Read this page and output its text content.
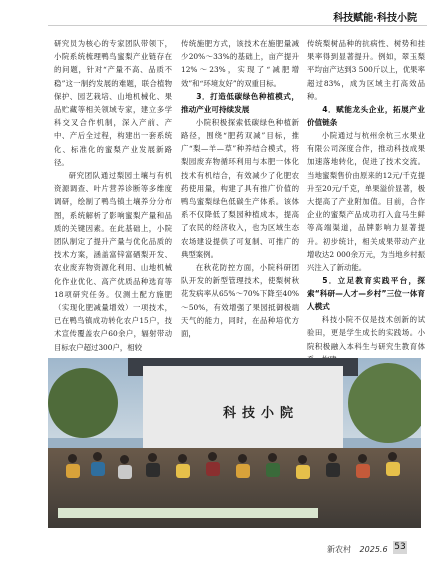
科技赋能·科技小院

研究员为核心的专家团队带领下，小院系统梳理鸭鸟蜜梨产业链存在的问题，针对“产量不高、品质不稳”这一制约发展的难题，联合植物保护、园艺栽培、山地机械化、果品贮藏等相关领域专家，建立多学科交叉合作机制，深入产前、产中、产后全过程，构建出一套系统化、标准化的蜜梨产业发展新路径。

研究团队通过梨园土壤与有机资源调查、叶片营养诊断等多维度调研，绘制了鸭鸟镇土壤养分分布图，系统解析了影响蜜梨产量和品质的关键因素。在此基础上，小院团队制定了提升产量与优化品质的技术方案，涵盖富锌富硒梨开发、农业废弃物资源化利用、山地机械化作业优化、高产优质品种选育等18项研究任务。仅测土配方施肥（实现化肥减量增效）一项技术，已在鸭鸟镇成功转化农户15户，技术宣传覆盖农户60余户，辐射带动目标农户超过300户，相较

传统施肥方式，该技术在施肥量减少20%～33%的基础上，亩产提升12%～23%，实现了“减肥增效”和“环境友好”的双重目标。

3．打造低碳绿色种植模式，推动产业可持续发展

小院积极探索低碳绿色种植新路径，围绕“肥药双减”目标，推广“梨—羊—草”种养结合模式，将梨园废弃物循环利用与本肥一体化技术有机结合，有效减少了化肥农药使用量，构建了具有推广价值的鸭鸟蜜梨绿色低碳生产体系。该体系不仅降低了梨园种植成本，提高了农民的经济收入，也为区域生态农场建设提供了可复制、可推广的典型案例。

在秋花防控方面，小院科研团队开发的新型管理技术，使梨树秋花发病率从65%～70%下降至40%～50%，有效增强了果园抵御极端天气的能力，同时，在品种培优方面，

传统梨树品种的抗病性、树势和挂果率得到显著提升。例如，翠玉梨平均亩产达到3 500斤以上，优果率超过83%，成为区域主打高效品种。

4．赋能龙头企业，拓展产业价值链条

小院通过与杭州余杭三水果业有限公司深度合作，推动科技成果加速落地转化，促进了技术交流。当地蜜梨售价由原来的12元/千克提升至20元/千克，单果溢价显著，极大提高了产业附加值。目前，合作企业的蜜梨产品成功打入盒马生鲜等高端渠道，品牌影响力显著提升。初步统计，相关成果带动产业增收达2 000余万元，为当地乡村振兴注入了新动能。

5．立足教育实践平台，探索“科研—人才—乡村”三位一体育人模式

科技小院不仅是技术创新的试验田，更是学生成长的实践场。小院积极融入本科生与研究生教育体

科技小院
新农村 2025.6 53
